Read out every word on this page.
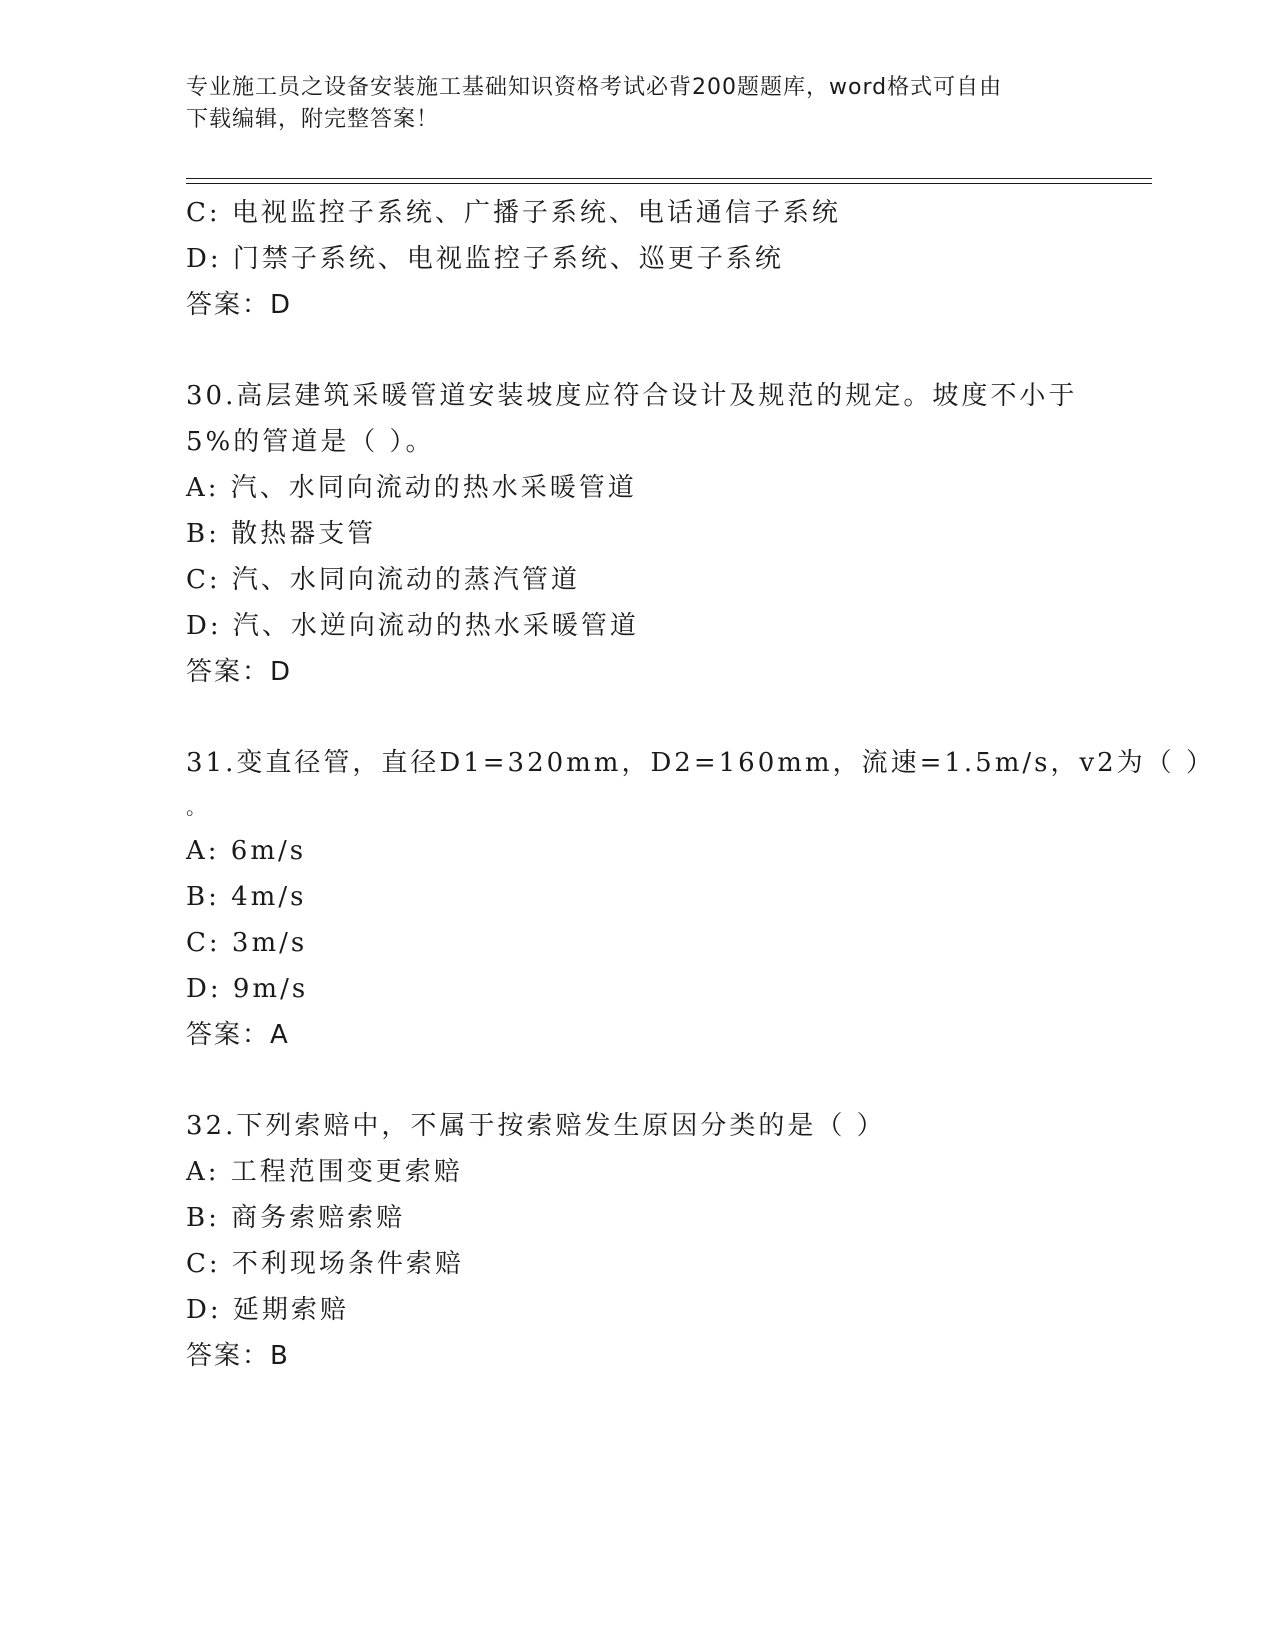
专业施工员之设备安装施工基础知识资格考试必背200题题库，word格式可自由
下载编辑，附完整答案！
C: 电视监控子系统、广播子系统、电话通信子系统
D: 门禁子系统、电视监控子系统、巡更子系统
答案：D
30.高层建筑采暖管道安装坡度应符合设计及规范的规定。坡度不小于
5%的管道是（ ）。
A: 汽、水同向流动的热水采暖管道
B: 散热器支管
C: 汽、水同向流动的蒸汽管道
D: 汽、水逆向流动的热水采暖管道
答案：D
31.变直径管，直径D1=320mm，D2=160mm，流速=1.5m/s，v2为（ ）
。
A: 6m/s
B: 4m/s
C: 3m/s
D: 9m/s
答案：A
32.下列索赔中，不属于按索赔发生原因分类的是（ ）
A: 工程范围变更索赔
B: 商务索赔索赔
C: 不利现场条件索赔
D: 延期索赔
答案：B
